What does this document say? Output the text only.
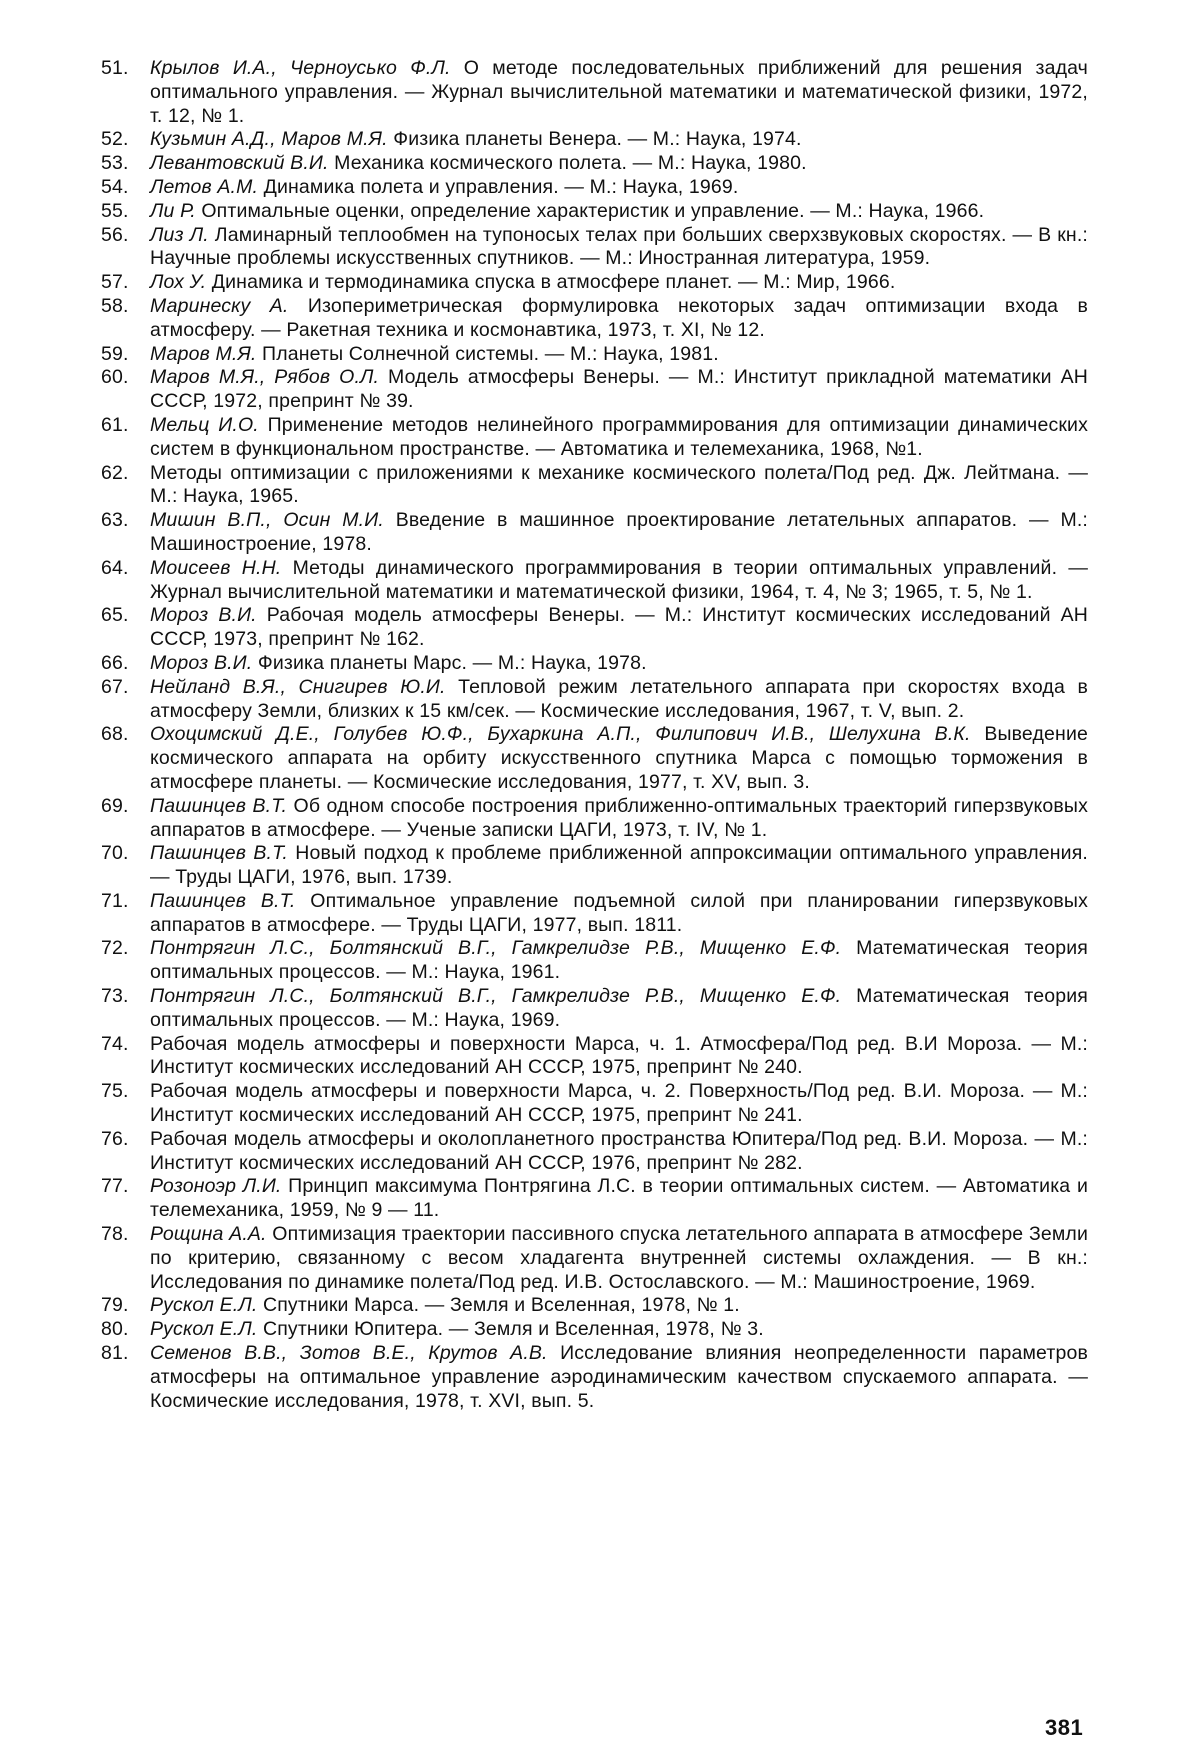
51.	Крылов И.А., Черноусько Ф.Л. О методе последовательных приближений для решения задач оптимального управления. — Журнал вычислительной математики и математической физики, 1972, т. 12, № 1.
52.	Кузьмин А.Д., Маров М.Я. Физика планеты Венера. — М.: Наука, 1974.
53.	Левантовский В.И. Механика космического полета. — М.: Наука, 1980.
54.	Летов А.М. Динамика полета и управления. — М.: Наука, 1969.
55.	Ли Р. Оптимальные оценки, определение характеристик и управление. — М.: Наука, 1966.
56.	Лиз Л. Ламинарный теплообмен на тупоносых телах при больших сверхзвуковых скоростях. — В кн.: Научные проблемы искусственных спутников. — М.: Иностранная литература, 1959.
57.	Лох У. Динамика и термодинамика спуска в атмосфере планет. — М.: Мир, 1966.
58.	Маринеску А. Изопериметрическая формулировка некоторых задач оптимизации входа в атмосферу. — Ракетная техника и космонавтика, 1973, т. XI, № 12.
59.	Маров М.Я. Планеты Солнечной системы. — М.: Наука, 1981.
60.	Маров М.Я., Рябов О.Л. Модель атмосферы Венеры. — М.: Институт прикладной математики АН СССР, 1972, препринт № 39.
61.	Мельц И.О. Применение методов нелинейного программирования для оптимизации динамических систем в функциональном пространстве. — Автоматика и телемеханика, 1968, №1.
62.	Методы оптимизации с приложениями к механике космического полета/Под ред. Дж. Лейтмана. — М.: Наука, 1965.
63.	Мишин В.П., Осин М.И. Введение в машинное проектирование летательных аппаратов. — М.: Машиностроение, 1978.
64.	Моисеев Н.Н. Методы динамического программирования в теории оптимальных управлений. — Журнал вычислительной математики и математической физики, 1964, т. 4, № 3; 1965, т. 5, № 1.
65.	Мороз В.И. Рабочая модель атмосферы Венеры. — М.: Институт космических исследований АН СССР, 1973, препринт № 162.
66.	Мороз В.И. Физика планеты Марс. — М.: Наука, 1978.
67.	Нейланд В.Я., Снигирев Ю.И. Тепловой режим летательного аппарата при скоростях входа в атмосферу Земли, близких к 15 км/сек. — Космические исследования, 1967, т. V, вып. 2.
68.	Охоцимский Д.Е., Голубев Ю.Ф., Бухаркина А.П., Филипович И.В., Шелухина В.К. Выведение космического аппарата на орбиту искусственного спутника Марса с помощью торможения в атмосфере планеты. — Космические исследования, 1977, т. XV, вып. 3.
69.	Пашинцев В.Т. Об одном способе построения приближенно-оптимальных траекторий гиперзвуковых аппаратов в атмосфере. — Ученые записки ЦАГИ, 1973, т. IV, № 1.
70.	Пашинцев В.Т. Новый подход к проблеме приближенной аппроксимации оптимального управления. — Труды ЦАГИ, 1976, вып. 1739.
71.	Пашинцев В.Т. Оптимальное управление подъемной силой при планировании гиперзвуковых аппаратов в атмосфере. — Труды ЦАГИ, 1977, вып. 1811.
72.	Понтрягин Л.С., Болтянский В.Г., Гамкрелидзе Р.В., Мищенко Е.Ф. Математическая теория оптимальных процессов. — М.: Наука, 1961.
73.	Понтрягин Л.С., Болтянский В.Г., Гамкрелидзе Р.В., Мищенко Е.Ф. Математическая теория оптимальных процессов. — М.: Наука, 1969.
74.	Рабочая модель атмосферы и поверхности Марса, ч. 1. Атмосфера/Под ред. В.И Мороза. — М.: Институт космических исследований АН СССР, 1975, препринт № 240.
75.	Рабочая модель атмосферы и поверхности Марса, ч. 2. Поверхность/Под ред. В.И. Мороза. — М.: Институт космических исследований АН СССР, 1975, препринт № 241.
76.	Рабочая модель атмосферы и околопланетного пространства Юпитера/Под ред. В.И. Мороза. — М.: Институт космических исследований АН СССР, 1976, препринт № 282.
77.	Розоноэр Л.И. Принцип максимума Понтрягина Л.С. в теории оптимальных систем. — Автоматика и телемеханика, 1959, № 9 — 11.
78.	Рощина А.А. Оптимизация траектории пассивного спуска летательного аппарата в атмосфере Земли по критерию, связанному с весом хладагента внутренней системы охлаждения. — В кн.: Исследования по динамике полета/Под ред. И.В. Остославского. — М.: Машиностроение, 1969.
79.	Рускол Е.Л. Спутники Марса. — Земля и Вселенная, 1978, № 1.
80.	Рускол Е.Л. Спутники Юпитера. — Земля и Вселенная, 1978, № 3.
81.	Семенов В.В., Зотов В.Е., Крутов А.В. Исследование влияния неопределенности параметров атмосферы на оптимальное управление аэродинамическим качеством спускаемого аппарата. — Космические исследования, 1978, т. XVI, вып. 5.
381
